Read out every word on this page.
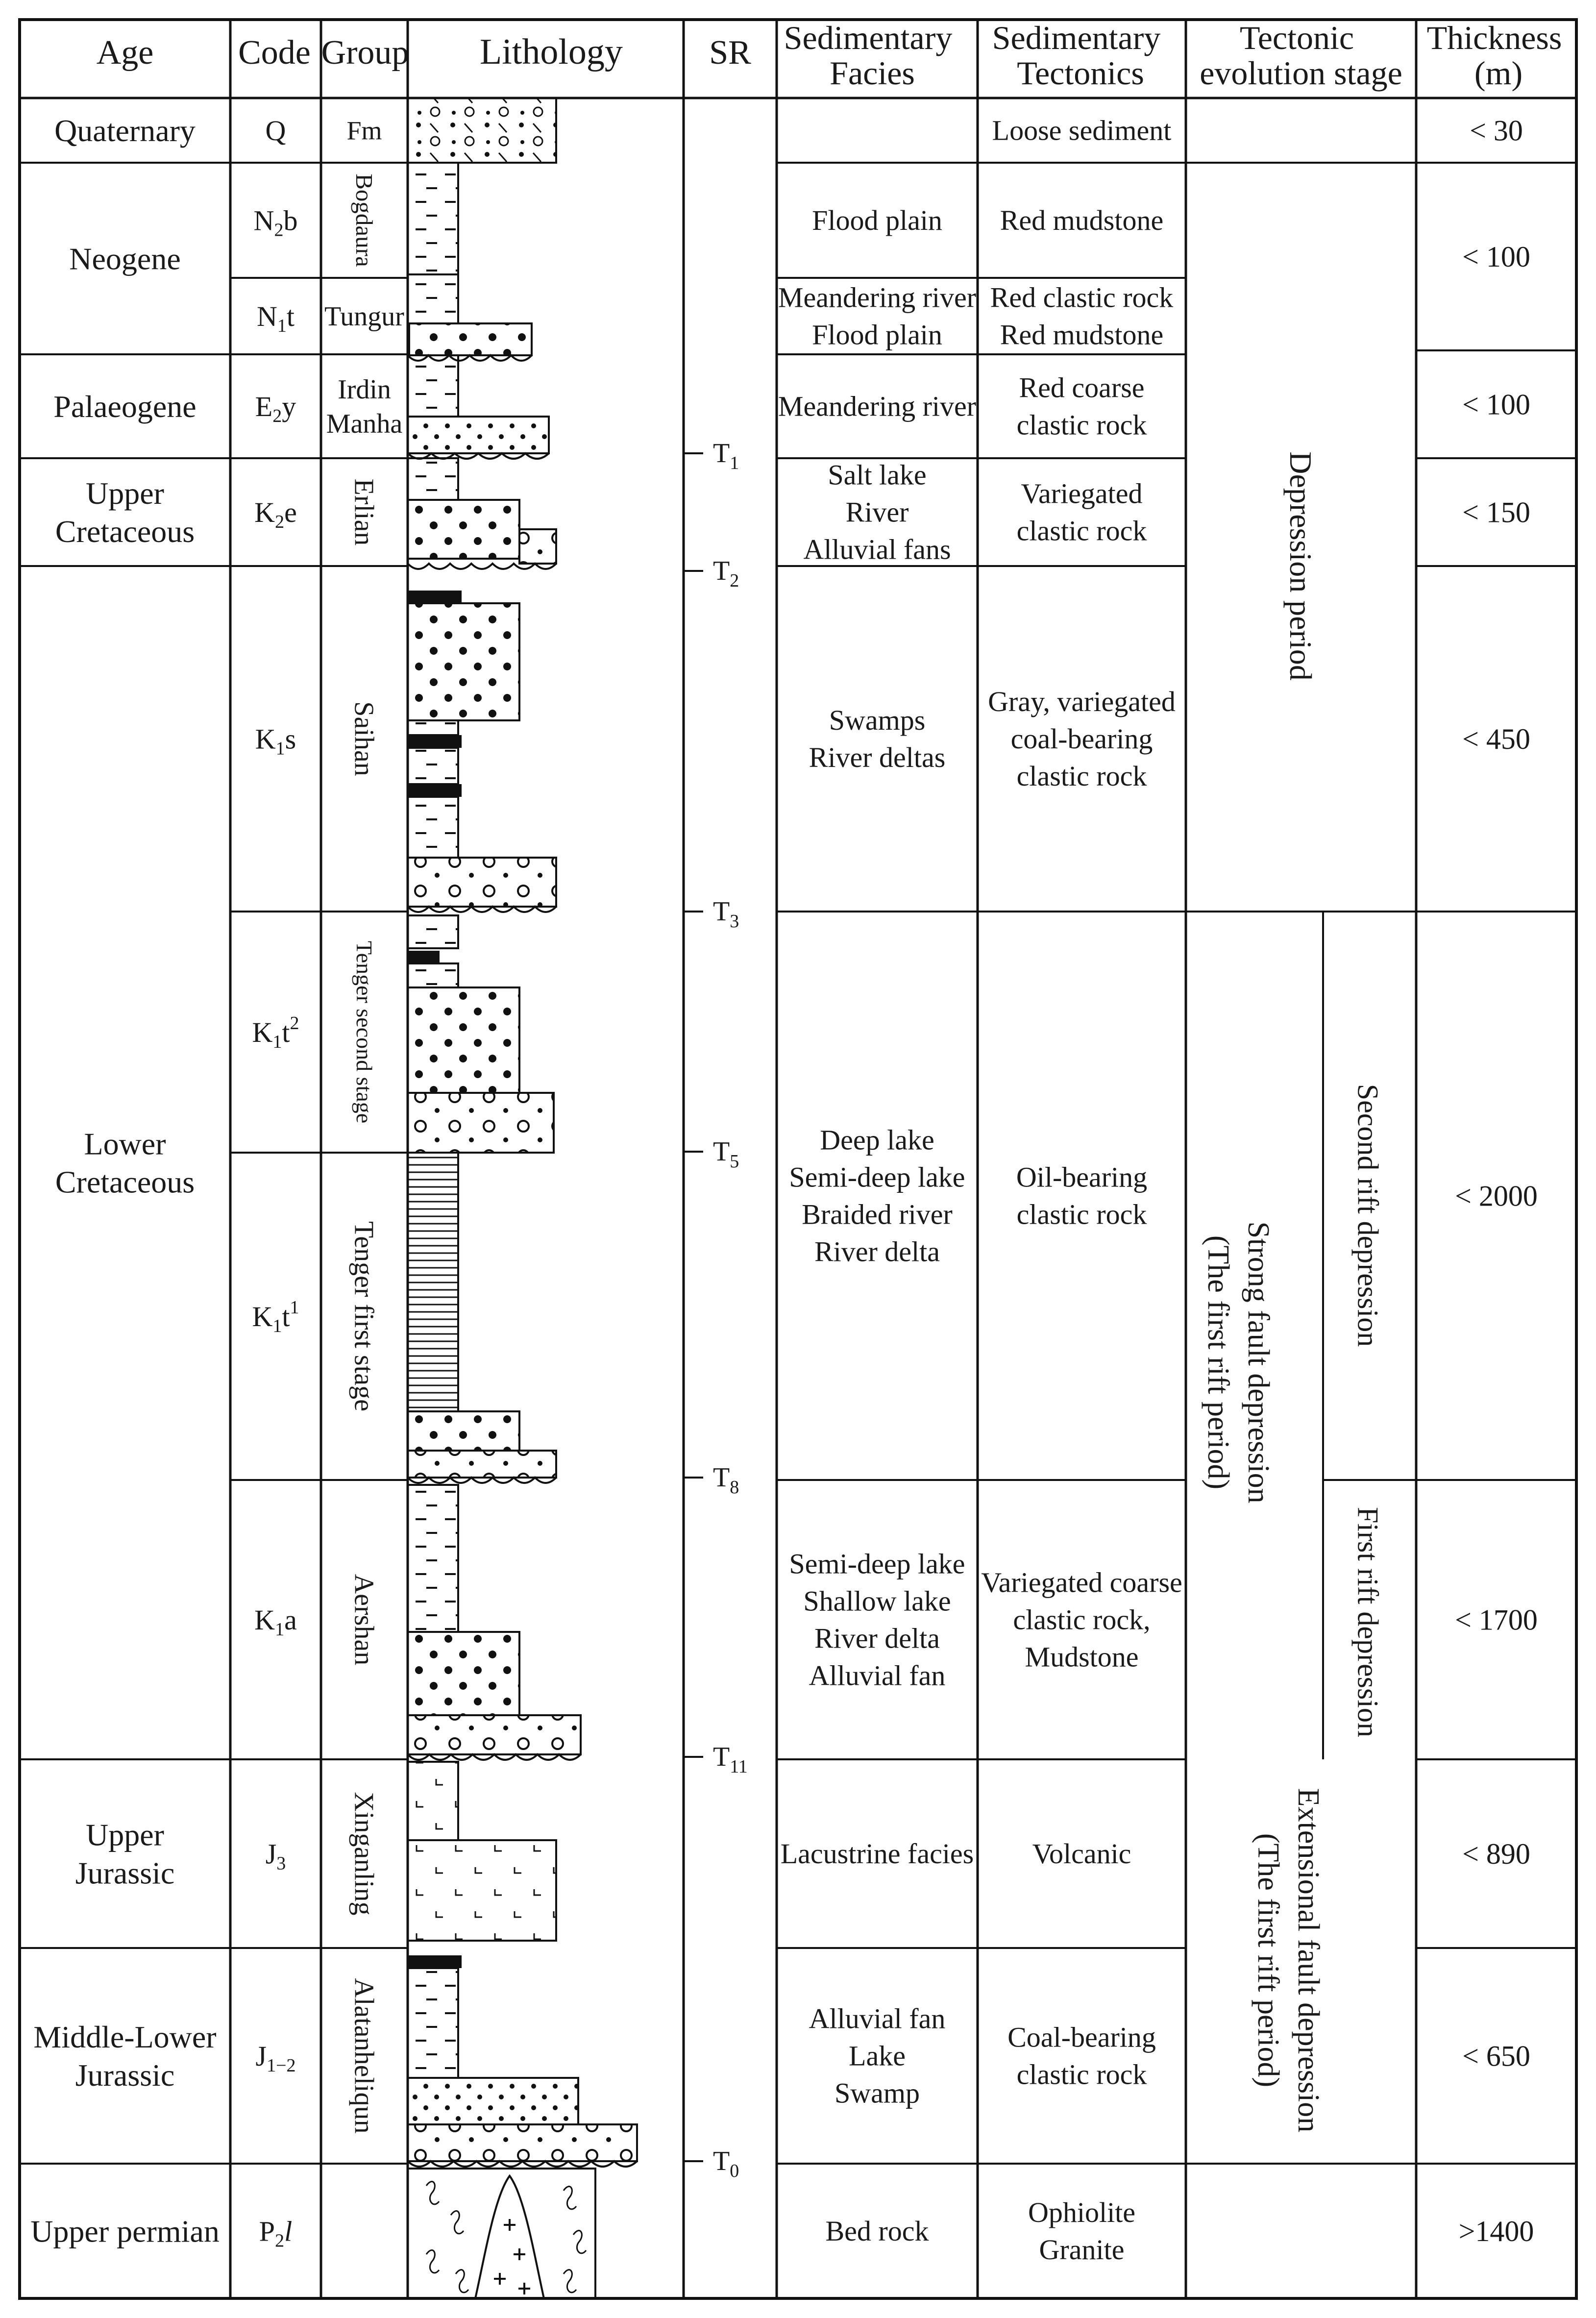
Age Code Group Lithology	SR Sedimentary Facies
Sedimentary Tectonics
Tectonic evolution stage
Thickness (m)
Quaternary
Neogene
Palaeogene
Upper Cretaceous
Lower Cretaceous
Upper Jurassic
Middle-Lower Jurassic
Upper permian
Q
$N_2b$
$N_1t$
$E_2y$
$K_2e$
$K_1s$
$K_1t^2$
$K_1t^1$
$K_1a$
$J_3$
$J_{1-2}$
$P_2l$
Fm
Bogdaura
Tungur
Irdin Manha
Erlian
Saihan
Tenger second stage
Tenger first stage
Aershan
Xinganling
Alatanheliqun
$T_1$
$T_2$
$T_3$
$T_5$
$T_8$
$T_{11}$
$T_0$
Flood plain
Meandering river Flood plain
Meandering river
Salt lake River Alluvial fans
Swamps River deltas
Deep lake Semi-deep lake Braided river River delta
Semi-deep lake Shallow lake River delta Alluvial fan
Lacustrine facies
Alluvial fan Lake Swamp
Bed rock
Loose sediment
Red mudstone
Red clastic rock Red mudstone
Red coarse clastic rock
Variegated clastic rock
Gray, variegated coal-bearing clastic rock
Oil-bearing clastic rock
Variegated coarse clastic rock, Mudstone
Volcanic
Coal-bearing clastic rock
Ophiolite Granite
Depression period
Strong fault depression(The first rift period)
Second rift depression
First rift depression
Extensional fault depression(The first rift period)
< 30
< 100
< 100
< 150
< 450
< 2000
< 1700
< 890
< 650
>1400
